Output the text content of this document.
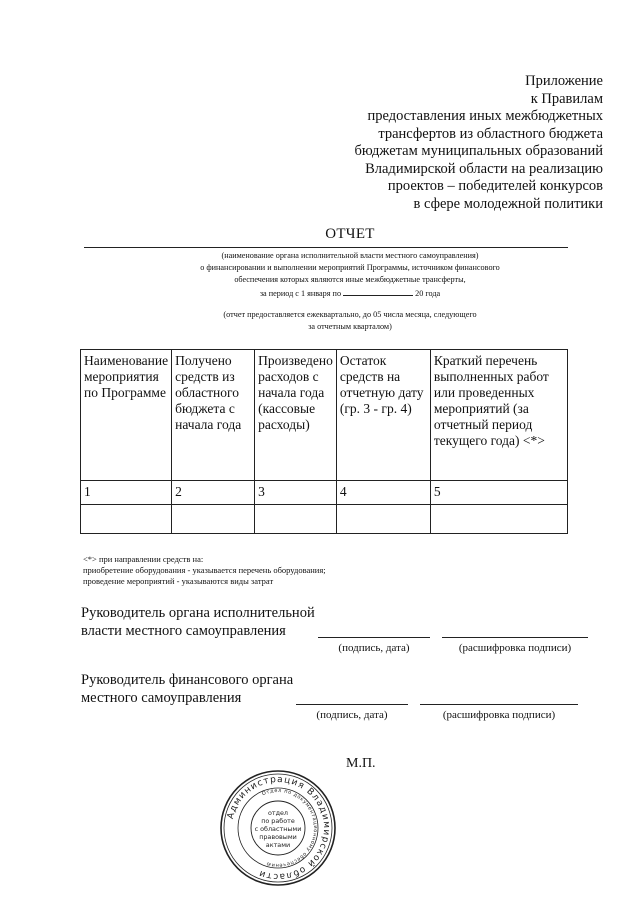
Приложение
к Правилам
предоставления иных межбюджетных
трансфертов из областного бюджета
бюджетам муниципальных образований
Владимирской области на реализацию
проектов – победителей конкурсов
в сфере молодежной политики
ОТЧЕТ
(наименование органа исполнительной власти местного самоуправления)
о финансировании и выполнении мероприятий Программы, источником финансового
обеспечения которых являются иные межбюджетные трансферты,
за период с 1 января по	20 года
(отчет предоставляется ежеквартально, до 05 числа месяца, следующего
за отчетным кварталом)
Наименование мероприятия по Программе	Получено средств из областного бюджета с начала года	Произведено расходов с начала года (кассовые расходы)	Остаток средств на отчетную дату (гр. 3 - гр. 4)	Краткий перечень выполненных работ или проведенных мероприятий (за отчетный период текущего года) <*>
1	2	3	4	5

<*> при направлении средств на:
приобретение оборудования - указывается перечень оборудования;
проведение мероприятий - указываются виды затрат
Руководитель органа исполнительной
власти местного самоуправления
(подпись, дата)	(расшифровка подписи)
Руководитель финансового органа
местного самоуправления
(подпись, дата)	(расшифровка подписи)
М.П.
Администрация Владимирской области
Отдел по документационному обеспечению
отдел
по работе
с областными
правовыми
актами
